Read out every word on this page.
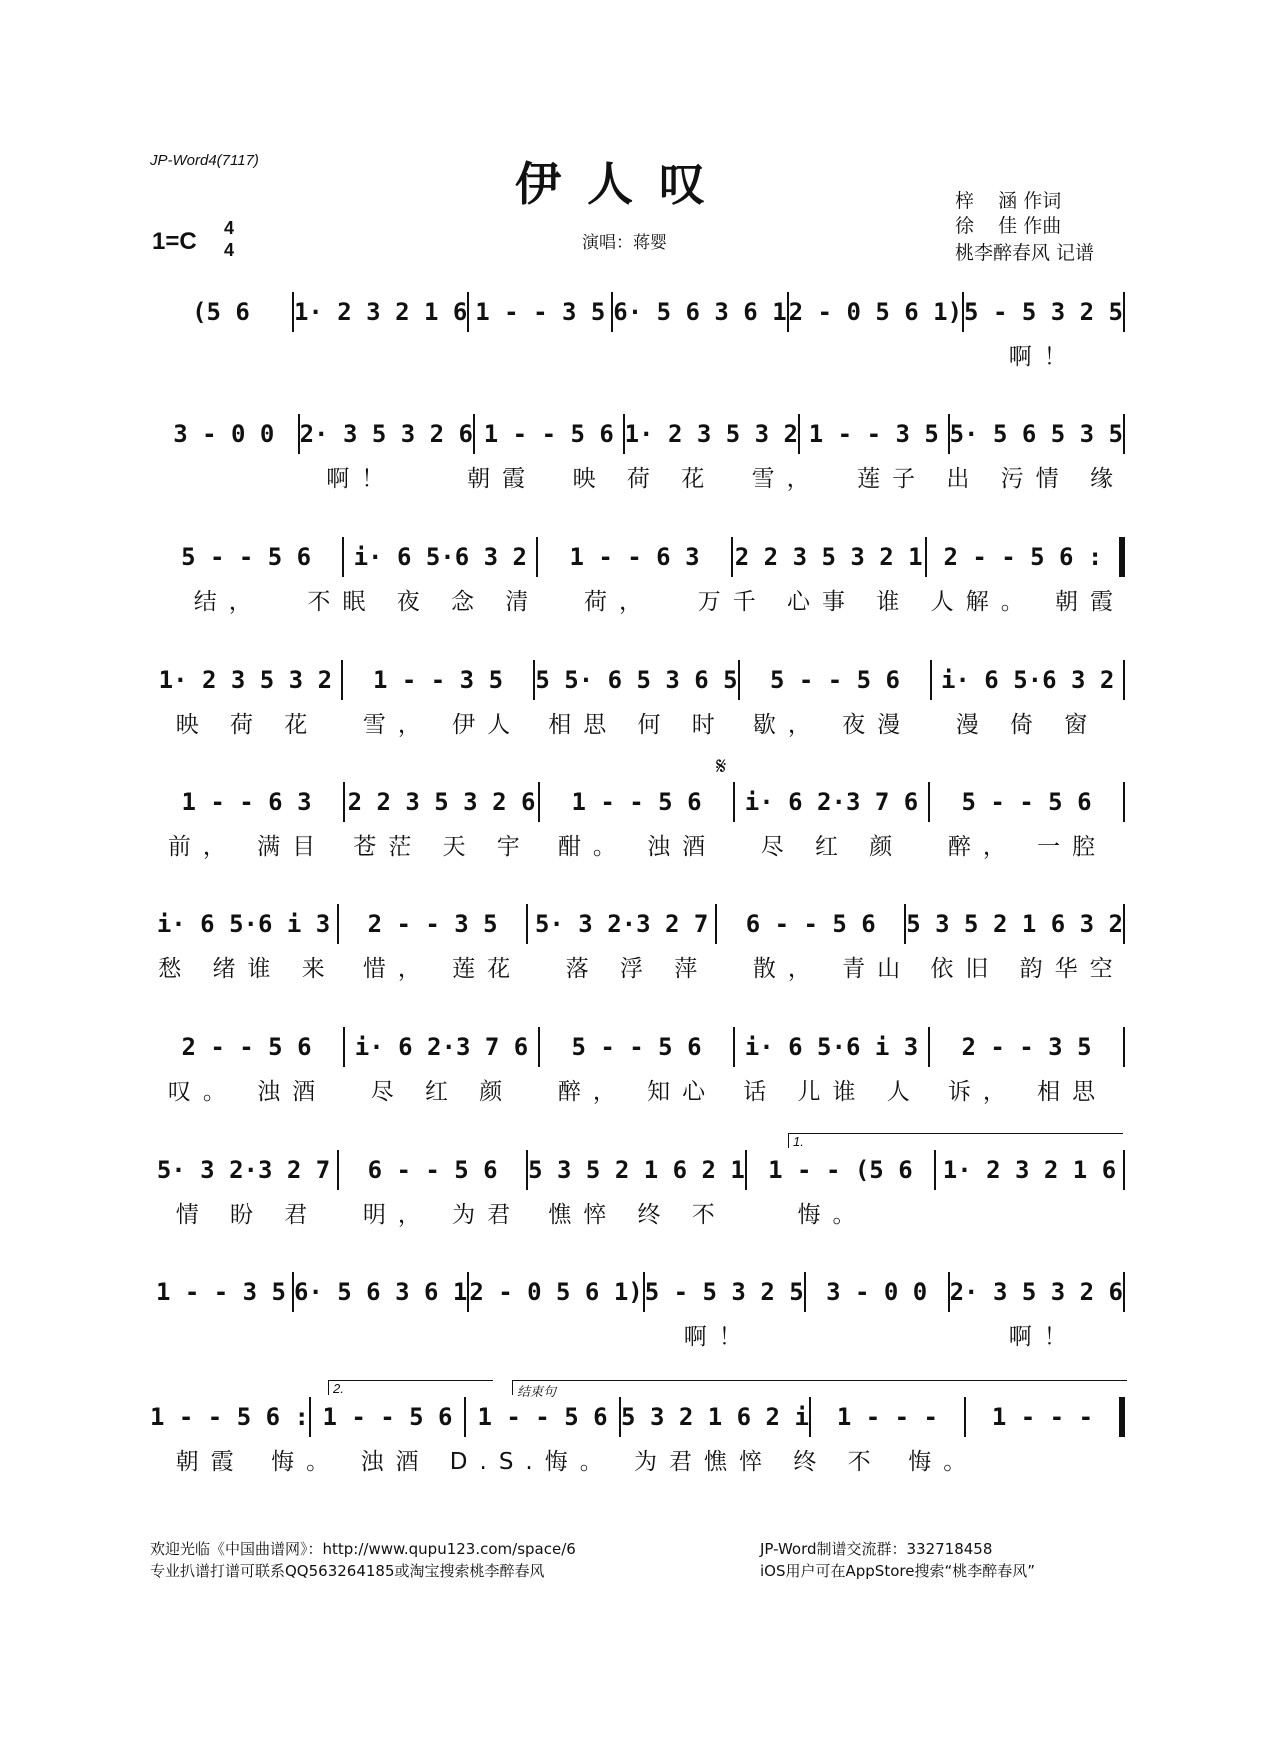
JP-Word4(7117)	伊人叹
1=C 4
4	演唱：蒋婴
梓    涵 作词
徐    佳 作曲
桃李醉春风 记谱
(5 6	1· 2 3 2 1 6 1 - - 3 5 6· 5 6 3 6 1 2 - 0 5 6 1) 5 - 5 3 2 5
啊！
3 - 0 0	2· 3 5 3 2 6 1 - - 5 6 1· 2 3 5 3 2 1 - - 3 5 5· 5 6 5 3 5
啊！	朝霞	映 荷 花	雪，	莲子 出 污情 缘
5 - - 5 6	i· 6 5·6 3 2	1 - - 6 3	2 2 3 5 3 2 1 2 - - 5 6 :
结，	不眠 夜 念 清	荷，	万千 心事 谁 人 解。 朝霞
1· 2 3 5 3 2	1 - - 3 5	5 5· 6 5 3 6 5	5 - - 5 6	i· 6 5·6 3 2
映 荷 花	雪， 伊人	相思 何 时	歇， 夜漫	漫 倚 窗
1 - - 6 3	2 2 3 5 3 2 6	1 - - 5 6	i· 6 2·3 7 6	5 - - 5 6
前， 满目	苍茫 天 宇	酣。 浊酒	尽 红 颜	醉， 一腔
i· 6 5·6 i 3	2 - - 3 5	5· 3 2·3 2 7	6 - - 5 6	5 3 5 2 1 6 3 2
愁 绪谁 来	惜， 莲花	落 浮 萍	散， 青山 依旧 韵华空
2 - - 5 6	i· 6 2·3 7 6	5 - - 5 6	i· 6 5·6 i 3	2 - - 3 5
叹。 浊酒	尽 红 颜	醉， 知心	话 儿谁 人	诉， 相思
5· 3 2·3 2 7	6 - - 5 6	5 3 5 2 1 6 2 1 1 - - (5 6	1· 2 3 2 1 6
情 盼 君	明， 为君	憔悴 终 不	悔。
1 - - 3 5 6· 5 6 3 6 1 2 - 0 5 6 1) 5 - 5 3 2 5 3 - 0 0 2· 3 5 3 2 6
啊！	啊！
1 - - 5 6 : 1 - - 5 6	1 - - 5 6 5 3 2 1 6 2 i	1 - - -	1 - - -
朝霞	悔。 浊酒 D.S. 悔。 为君 憔悴 终 不	悔。
𝄋
欢迎光临《中国曲谱网》：http://www.qupu123.com/space/6
专业扒谱打谱可联系QQ563264185或淘宝搜索桃李醉春风
JP-Word制谱交流群：332718458
iOS用户可在AppStore搜索“桃李醉春风”
1.
2.	结束句
